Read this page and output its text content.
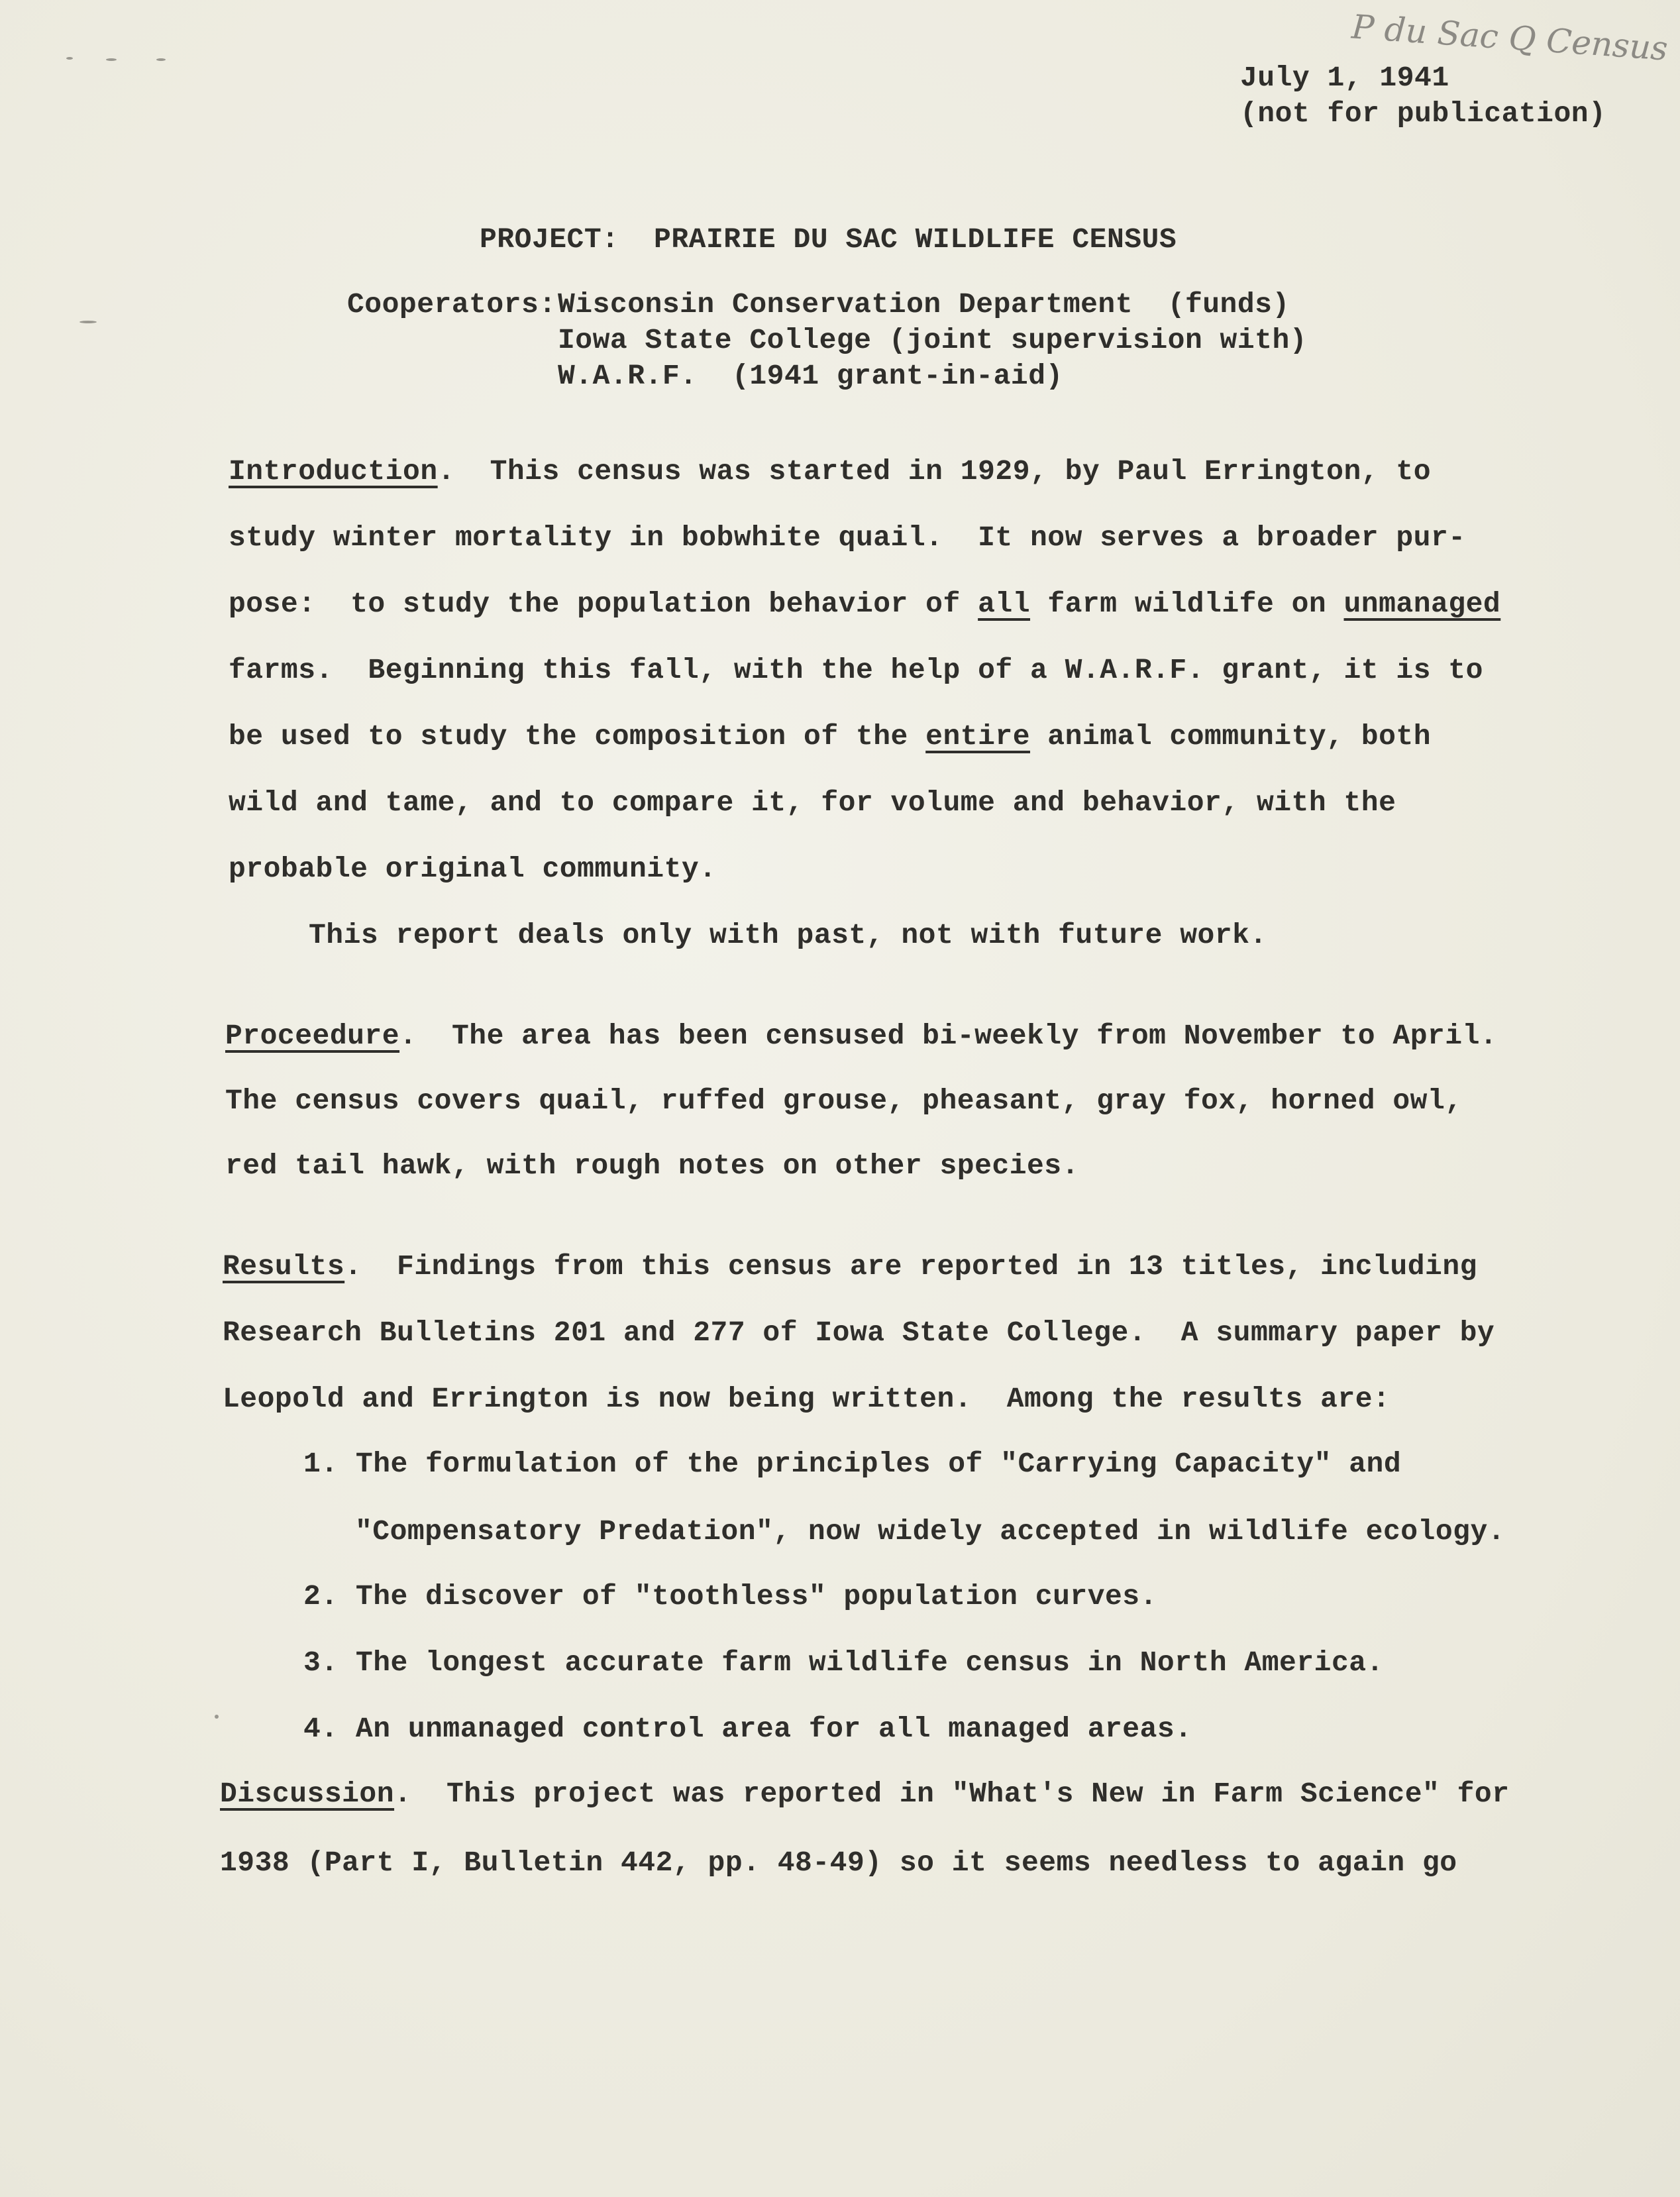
P du Sac Q Census
July 1, 1941
(not for publication)
PROJECT:  PRAIRIE DU SAC WILDLIFE CENSUS
Cooperators: Wisconsin Conservation Department  (funds)
Iowa State College (joint supervision with)
W.A.R.F.  (1941 grant-in-aid)
Introduction.  This census was started in 1929, by Paul Errington, to
study winter mortality in bobwhite quail.  It now serves a broader pur-
pose:  to study the population behavior of all farm wildlife on unmanaged
farms.  Beginning this fall, with the help of a W.A.R.F. grant, it is to
be used to study the composition of the entire animal community, both
wild and tame, and to compare it, for volume and behavior, with the
probable original community.
This report deals only with past, not with future work.
Proceedure.  The area has been censused bi-weekly from November to April.
The census covers quail, ruffed grouse, pheasant, gray fox, horned owl,
red tail hawk, with rough notes on other species.
Results.  Findings from this census are reported in 13 titles, including
Research Bulletins 201 and 277 of Iowa State College.  A summary paper by
Leopold and Errington is now being written.  Among the results are:
1. The formulation of the principles of "Carrying Capacity" and
"Compensatory Predation", now widely accepted in wildlife ecology.
2. The discover of "toothless" population curves.
3. The longest accurate farm wildlife census in North America.
4. An unmanaged control area for all managed areas.
Discussion.  This project was reported in "What's New in Farm Science" for
1938 (Part I, Bulletin 442, pp. 48-49) so it seems needless to again go
